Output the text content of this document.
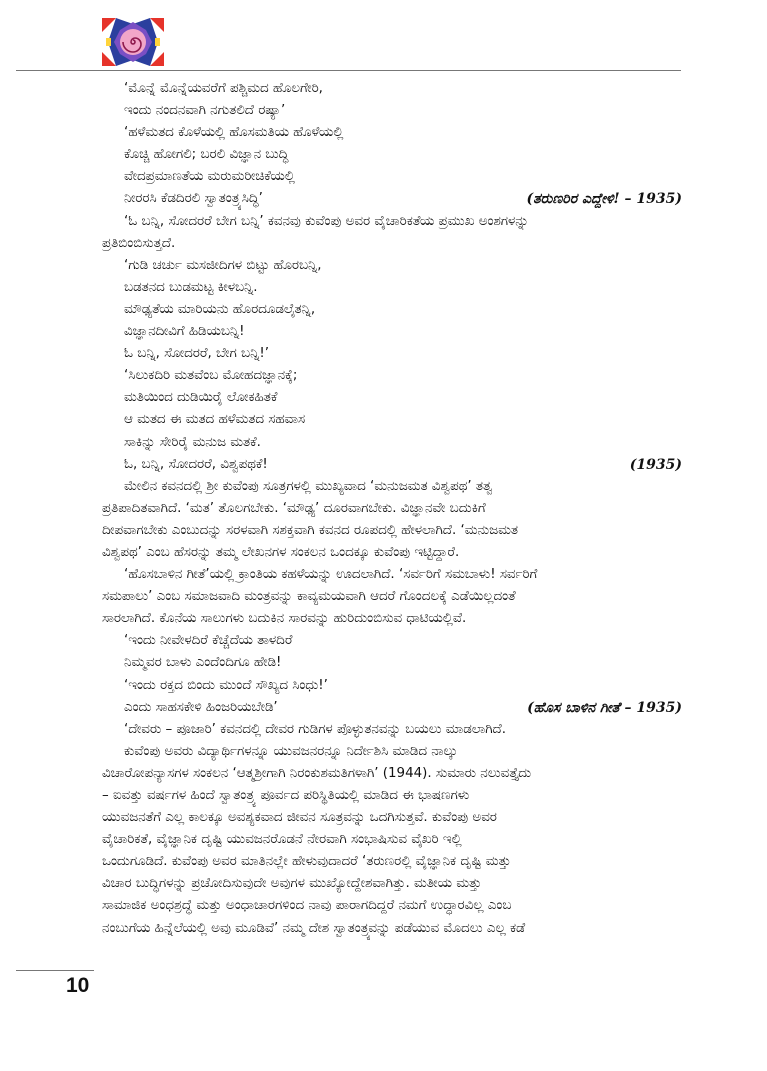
‘ಮೊನ್ನೆ ಮೊನ್ನೆಯವರೆಗೆ ಪಶ್ಚಿಮದ ಹೊಲಗೇರಿ,
ಇಂದು ನಂದನವಾಗಿ ನಗುತಲಿದೆ ರಷ್ಯಾ’
‘ಹಳೆಮತದ ಕೊಳೆಯಲ್ಲಿ ಹೊಸಮತಿಯ ಹೊಳೆಯಲ್ಲಿ
ಕೊಚ್ಚಿ ಹೋಗಲಿ; ಬರಲಿ ವಿಜ್ಞಾನ ಬುದ್ಧಿ
ವೇದಪ್ರಮಾಣತೆಯ ಮರುಮರೀಚಿಕೆಯಲ್ಲಿ
ನೀರರಸಿ ಕೆಡದಿರಲಿ ಸ್ವಾತಂತ್ರ್ಯಸಿದ್ಧಿ’	(ತರುಣರಿರ ಎದ್ದೇಳಿ! – 1935)
‘ಓ ಬನ್ನಿ, ಸೋದರರೆ ಬೇಗ ಬನ್ನಿ’ ಕವನವು ಕುವೆಂಪು ಅವರ ವೈಚಾರಿಕತೆಯ ಪ್ರಮುಖ ಅಂಶಗಳನ್ನು
ಪ್ರತಿಬಿಂಬಿಸುತ್ತದೆ.
‘ಗುಡಿ ಚರ್ಚು ಮಸಜೀದಿಗಳ ಬಿಟ್ಟು ಹೊರಬನ್ನಿ,
ಬಡತನದ ಬುಡಮಟ್ಟ ಕೀಳಬನ್ನಿ.
ಮೌಢ್ಯತೆಯ ಮಾರಿಯನು ಹೊರದೂಡಲೈತನ್ನಿ,
ವಿಜ್ಞಾನದೀವಿಗೆ ಹಿಡಿಯಬನ್ನಿ!
ಓ ಬನ್ನಿ, ಸೋದರರೆ, ಬೇಗ ಬನ್ನಿ!’
‘ಸಿಲುಕದಿರಿ ಮತವೆಂಬ ಮೋಹದಜ್ಞಾನಕ್ಕೆ;
ಮತಿಯಿಂದ ದುಡಿಯಿರೈ ಲೋಕಹಿತಕೆ
ಆ ಮತದ ಈ ಮತದ ಹಳೆಮತದ ಸಹವಾಸ
ಸಾಕಿನ್ನು ಸೇರಿರೈ ಮನುಜ ಮತಕೆ.
ಓ, ಬನ್ನಿ, ಸೋದರರೆ, ವಿಶ್ವಪಥಕೆ!	(1935)
ಮೇಲಿನ ಕವನದಲ್ಲಿ ಶ್ರೀ ಕುವೆಂಪು ಸೂತ್ರಗಳಲ್ಲಿ ಮುಖ್ಯವಾದ ‘ಮನುಜಮತ ವಿಶ್ವಪಥ’ ತತ್ವ
ಪ್ರತಿಪಾದಿತವಾಗಿದೆ. ‘ಮತ’ ತೊಲಗಬೇಕು. ‘ಮೌಢ್ಯ’ ದೂರವಾಗಬೇಕು. ವಿಜ್ಞಾನವೇ ಬದುಕಿಗೆ
ದೀಪವಾಗಬೇಕು ಎಂಬುದನ್ನು ಸರಳವಾಗಿ ಸಶಕ್ತವಾಗಿ ಕವನದ ರೂಪದಲ್ಲಿ ಹೇಳಲಾಗಿದೆ. ‘ಮನುಜಮತ
ವಿಶ್ವಪಥ’ ಎಂಬ ಹೆಸರನ್ನು ತಮ್ಮ ಲೇಖನಗಳ ಸಂಕಲನ ಒಂದಕ್ಕೂ ಕುವೆಂಪು ಇಟ್ಟಿದ್ದಾರೆ.
‘ಹೊಸಬಾಳಿನ ಗೀತೆ’ಯಲ್ಲಿ ಕ್ರಾಂತಿಯ ಕಹಳೆಯನ್ನು ಊದಲಾಗಿದೆ. ‘ಸರ್ವರಿಗೆ ಸಮಬಾಳು! ಸರ್ವರಿಗೆ
ಸಮಪಾಲು’ ಎಂಬ ಸಮಾಜವಾದಿ ಮಂತ್ರವನ್ನು ಕಾವ್ಯಮಯವಾಗಿ ಆದರೆ ಗೊಂದಲಕ್ಕೆ ಎಡೆಯಿಲ್ಲದಂತೆ
ಸಾರಲಾಗಿದೆ. ಕೊನೆಯ ಸಾಲುಗಳು ಬದುಕಿನ ಸಾರವನ್ನು ಹುರಿದುಂಬಿಸುವ ಧಾಟಿಯಲ್ಲಿವೆ.
‘ಇಂದು ನೀವೇಳದಿರೆ ಕೆಚ್ಚೆದೆಯ ತಾಳದಿರೆ
ನಿಮ್ಮವರ ಬಾಳು ಎಂದೆಂದಿಗೂ ಹೇಡಿ!
‘ಇಂದು ರಕ್ತದ ಬಿಂದು ಮುಂದೆ ಸೌಖ್ಯದ ಸಿಂಧು!’
ಎಂದು ಸಾಹಸಕೇಳಿ ಹಿಂಜರಿಯಬೇಡಿ’	(ಹೊಸ ಬಾಳಿನ ಗೀತೆ – 1935)
‘ದೇವರು – ಪೂಜಾರಿ’ ಕವನದಲ್ಲಿ ದೇವರ ಗುಡಿಗಳ ಪೊಳ್ಳುತನವನ್ನು ಬಯಲು ಮಾಡಲಾಗಿದೆ.
ಕುವೆಂಪು ಅವರು ವಿದ್ಯಾರ್ಥಿಗಳನ್ನೂ ಯುವಜನರನ್ನೂ ನಿರ್ದೇಶಿಸಿ ಮಾಡಿದ ನಾಲ್ಕು
ವಿಚಾರೋಪನ್ಯಾಸಗಳ ಸಂಕಲನ ‘ಆತ್ಮಶ್ರೀಗಾಗಿ ನಿರಂಕುಶಮತಿಗಳಾಗಿ’ (1944). ಸುಮಾರು ನಲುವತ್ತೈದು
– ಐವತ್ತು ವರ್ಷಗಳ ಹಿಂದೆ ಸ್ವಾತಂತ್ರ್ಯ ಪೂರ್ವದ ಪರಿಸ್ಥಿತಿಯಲ್ಲಿ ಮಾಡಿದ ಈ ಭಾಷಣಗಳು
ಯುವಜನತೆಗೆ ಎಲ್ಲ ಕಾಲಕ್ಕೂ ಅವಶ್ಯಕವಾದ ಜೀವನ ಸೂತ್ರವನ್ನು ಒದಗಿಸುತ್ತವೆ. ಕುವೆಂಪು ಅವರ
ವೈಚಾರಿಕತೆ, ವೈಜ್ಞಾನಿಕ ದೃಷ್ಟಿ ಯುವಜನರೊಡನೆ ನೇರವಾಗಿ ಸಂಭಾಷಿಸುವ ವೈಖರಿ ಇಲ್ಲಿ
ಒಂದುಗೂಡಿದೆ. ಕುವೆಂಪು ಅವರ ಮಾತಿನಲ್ಲೇ ಹೇಳುವುದಾದರೆ ‘ತರುಣರಲ್ಲಿ ವೈಜ್ಞಾನಿಕ ದೃಷ್ಟಿ ಮತ್ತು
ವಿಚಾರ ಬುದ್ಧಿಗಳನ್ನು ಪ್ರಚೋದಿಸುವುದೇ ಅವುಗಳ ಮುಖ್ಯೋದ್ದೇಶವಾಗಿತ್ತು. ಮತೀಯ ಮತ್ತು
ಸಾಮಾಜಿಕ ಅಂಧಶ್ರದ್ಧೆ ಮತ್ತು ಅಂಧಾಚಾರಗಳಿಂದ ನಾವು ಪಾರಾಗದಿದ್ದರೆ ನಮಗೆ ಉದ್ಧಾರವಿಲ್ಲ ಎಂಬ
ನಂಬುಗೆಯ ಹಿನ್ನೆಲೆಯಲ್ಲಿ ಅವು ಮೂಡಿವೆ’ ನಮ್ಮ ದೇಶ ಸ್ವಾತಂತ್ರ್ಯವನ್ನು ಪಡೆಯುವ ಮೊದಲು ಎಲ್ಲ ಕಡೆ
10
